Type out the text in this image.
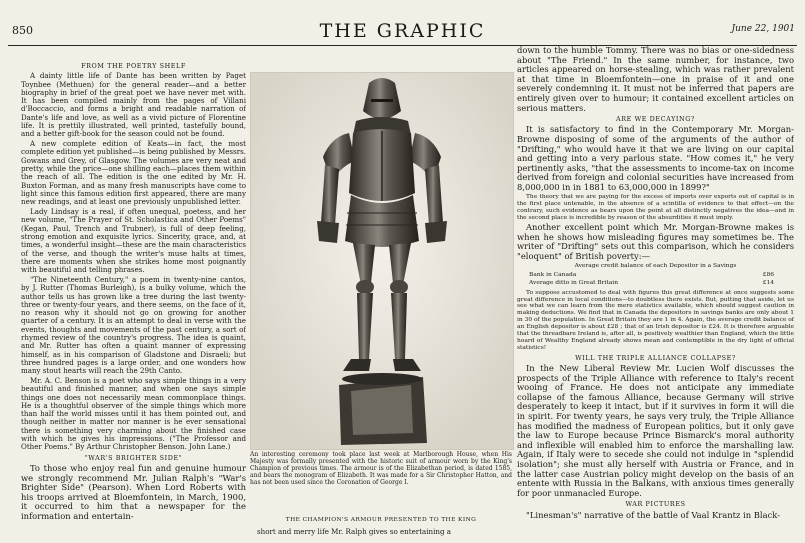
850	THE GRAPHIC	June 22, 1901
FROM THE POETRY SHELF

A dainty little life of Dante has been written by Paget Toynbee (Methuen) for the general reader—and a better biography in brief of the great poet we have never met with. It has been compiled mainly from the pages of Villani d'Boccaccio, and forms a bright and readable narration of Dante's life and love, as well as a vivid picture of Florentine life. It is prettily illustrated, well printed, tastefully bound, and a better gift-book for the season could not be found.

A new complete edition of Keats—in fact, the most complete edition yet published—is being published by Messrs. Gowans and Grey, of Glasgow. The volumes are very neat and pretty, while the price—one shilling each—places them within the reach of all. The edition is the one edited by Mr. H. Buxton Forman, and as many fresh manuscripts have come to light since this famous edition first appeared, there are many new readings, and at least one previously unpublished letter.

Lady Lindsay is a real, if often unequal, poetess, and her new volume, "The Prayer of St. Scholastica and Other Poems" (Kegan, Paul, Trench and Trubner), is full of deep feeling, strong emotion and exquisite lyrics. Sincerity, grace, and, at times, a wonderful insight—these are the main characteristics of the verse, and though the writer's muse halts at times, there are moments when she strikes home most poignantly with beautiful and telling phrases.

"The Nineteenth Century," a poem in twenty-nine cantos, by J. Rutter (Thomas Burleigh), is a bulky volume, which the author tells us has grown like a tree during the last twenty-three or twenty-four years, and there seems, on the face of it, no reason why it should not go on growing for another quarter of a century. It is an attempt to deal in verse with the events, thoughts and movements of the past century, a sort of rhymed review of the country's progress. The idea is quaint, and Mr. Rutter has often a quaint manner of expressing himself, as in his comparison of Gladstone and Disraeli; but three hundred pages is a large order, and one wonders how many stout hearts will reach the 29th Canto.

Mr. A. C. Benson is a poet who says simple things in a very beautiful and finished manner, and when one says simple things one does not necessarily mean commonplace things. He is a thoughtful observer of the simple things which more than half the world misses until it has them pointed out, and though neither in matter nor manner is he ever sensational there is something very charming about the finished case with which he gives his impressions. ("The Professor and Other Poems." By Arthur Christopher Benson. John Lane.)

"WAR'S BRIGHTER SIDE"

To those who enjoy real fun and genuine humour we strongly recommend Mr. Julian Ralph's "War's Brighter Side" (Pearson). When Lord Roberts with his troops arrived at Bloemfontein, in March, 1900, it occurred to him that a newspaper for the information and entertain-

An interesting ceremony took place last week at Marlborough House, when His Majesty was formally presented with the historic suit of armour worn by the King's Champion of previous times. The armour is of the Elizabethan period, is dated 1585, and bears the monogram of Elizabeth. It was made for a Sir Christopher Hatton, and has not been used since the Coronation of George I.
THE CHAMPION'S ARMOUR PRESENTED TO THE KING
short and merry life Mr. Ralph gives so entertaining a

down to the humble Tommy. There was no bias or one-sidedness about "The Friend." In the same number, for instance, two articles appeared on horse-stealing, which was rather prevalent at that time in Bloemfontein—one in praise of it and one severely condemning it. It must not be inferred that papers are entirely given over to humour; it contained excellent articles on serious matters.

ARE WE DECAYING?

It is satisfactory to find in the Contemporary Mr. Morgan-Browne disposing of some of the arguments of the author of "Drifting," who would have it that we are living on our capital and getting into a very parlous state. "How comes it," he very pertinently asks, "that the assessments to income-tax on income derived from foreign and colonial securities have increased from 8,000,000 in in 1881 to 63,000,000 in 1899?"

The theory that we are paying for the excess of imports over exports out of capital is in the first place untenable, in the absence of a scintilla of evidence to that effect—on the contrary, such evidence as bears upon the point at all distinctly negatives the idea—and in the second place is incredible by reason of the absurdities it must imply.

Another excellent point which Mr. Morgan-Browne makes is when he shows how misleading figures may sometimes be. The writer of "Drifting" sets out this comparison, which he considers "eloquent" of British poverty:—

Average credit balance of each Depositor in a Savings
Bank in Canada	£86
Average ditto in Great Britain	£14

To suppose accustomed to deal with figures this great difference at once suggests some great difference in local conditions—to doubtless there exists. But, putting that aside, let us see what we can learn from the mere statistics available, which should suggest caution in making deductions. We find that in Canada the depositors in savings banks are only about 1 in 30 of the population. In Great Britain they are 1 in 4. Again, the average credit balance of an English depositor is about £28 ; that of an Irish depositor is £24. It is therefore arguable that the threadbare Ireland is, after all, is positively wealthier than England, which the little hoard of Wealthy England already shows mean and contemptible in the dry light of official statistics!

WILL THE TRIPLE ALLIANCE COLLAPSE?

In the New Liberal Review Mr. Lucien Wolf discusses the prospects of the Triple Alliance with reference to Italy's recent wooing of France. He does not anticipate any immediate collapse of the famous Alliance, because Germany will strive desperately to keep it intact, but if it survives in form it will die in spirit. For twenty years, he says very truly, the Triple Alliance has modified the madness of European politics, but it only gave the law to Europe because Prince Bismarck's moral authority and inflexible will enabled him to enforce the marshalling law. Again, if Italy were to secede she could not indulge in "splendid isolation"; she must ally herself with Austria or France, and in the latter case Austrian policy might develop on the basis of an entente with Russia in the Balkans, with anxious times generally for poor unmanacled Europe.

WAR PICTURES

"Linesman's" narrative of the battle of Vaal Krantz in Black-
